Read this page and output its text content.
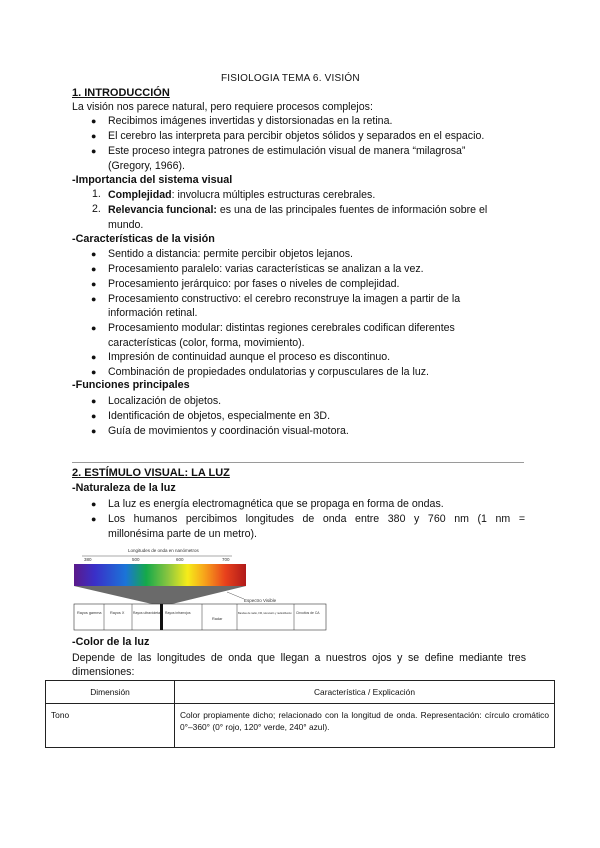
FISIOLOGIA TEMA 6. VISIÓN
1. INTRODUCCIÓN
La visión nos parece natural, pero requiere procesos complejos:
● Recibimos imágenes invertidas y distorsionadas en la retina.
● El cerebro las interpreta para percibir objetos sólidos y separados en el espacio.
● Este proceso integra patrones de estimulación visual de manera “milagrosa”
(Gregory, 1966).
-Importancia del sistema visual
1. Complejidad: involucra múltiples estructuras cerebrales.
2. Relevancia funcional: es una de las principales fuentes de información sobre el
mundo.
-Características de la visión
● Sentido a distancia: permite percibir objetos lejanos.
● Procesamiento paralelo: varias características se analizan a la vez.
● Procesamiento jerárquico: por fases o niveles de complejidad.
● Procesamiento constructivo: el cerebro reconstruye la imagen a partir de la
información retinal.
● Procesamiento modular: distintas regiones cerebrales codifican diferentes
características (color, forma, movimiento).
● Impresión de continuidad aunque el proceso es discontinuo.
● Combinación de propiedades ondulatorias y corpusculares de la luz.
-Funciones principales
● Localización de objetos.
● Identificación de objetos, especialmente en 3D.
● Guía de movimientos y coordinación visual-motora.
2. ESTÍMULO VISUAL: LA LUZ
-Naturaleza de la luz
● La luz es energía electromagnética que se propaga en forma de ondas.
● Los humanos percibimos longitudes de onda entre 380 y 760 nm (1 nm =
millonésima parte de un metro).
Longitudes de onda en nanómetros
380	500	600	700
Espectro Visible
Rayos gamma Rayos X	Rayos ultravioleta Rayos infrarrojos
Radar
Bandas de radio, FM, televisión y radiodifusión Circuitos de CA
-Color de la luz
Depende de las longitudes de onda que llegan a nuestros ojos y se define mediante tres
dimensiones:
Dimensión	Característica / Explicación
Tono	Color propiamente dicho; relacionado con la longitud de onda. Representación: círculo cromático 0°–360° (0° rojo, 120° verde, 240° azul).
